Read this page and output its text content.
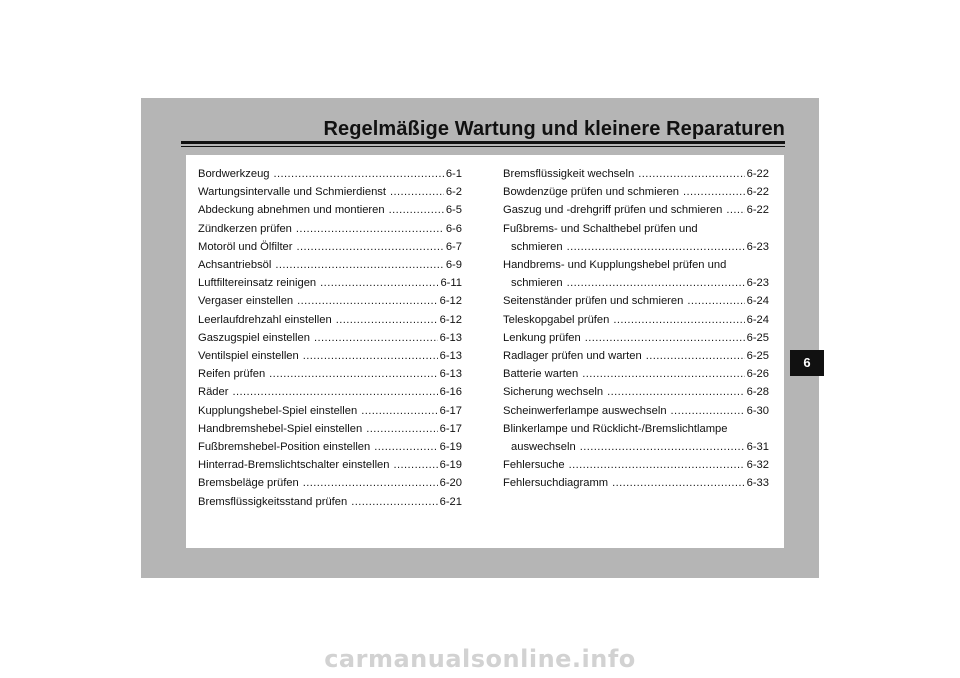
Regelmäßige Wartung und kleinere Reparaturen
Bordwerkzeug .....	6-1
Wartungsintervalle und Schmierdienst .....	6-2
Abdeckung abnehmen und montieren .....	6-5
Zündkerzen prüfen .....	6-6
Motoröl und Ölfilter .....	6-7
Achsantriebsöl .....	6-9
Luftfiltereinsatz reinigen .....	6-11
Vergaser einstellen .....	6-12
Leerlaufdrehzahl einstellen .....	6-12
Gaszugspiel einstellen .....	6-13
Ventilspiel einstellen .....	6-13
Reifen prüfen .....	6-13
Räder .....	6-16
Kupplungshebel-Spiel einstellen .....	6-17
Handbremshebel-Spiel einstellen .....	6-17
Fußbremshebel-Position einstellen .....	6-19
Hinterrad-Bremslichtschalter einstellen .....	6-19
Bremsbeläge prüfen .....	6-20
Bremsflüssigkeitsstand prüfen .....	6-21
Bremsflüssigkeit wechseln .....	6-22
Bowdenzüge prüfen und schmieren .....	6-22
Gaszug und -drehgriff prüfen und schmieren ..... 6-22
Fußbrems- und Schalthebel prüfen und
schmieren .....	6-23
Handbrems- und Kupplungshebel prüfen und
schmieren .....	6-23
Seitenständer prüfen und schmieren .....	6-24
Teleskopgabel prüfen .....	6-24
Lenkung prüfen .....	6-25
Radlager prüfen und warten .....	6-25
Batterie warten .....	6-26
Sicherung wechseln .....	6-28
Scheinwerferlampe auswechseln .....	6-30
Blinkerlampe und Rücklicht-/Bremslichtlampe
auswechseln .....	6-31
Fehlersuche .....	6-32
Fehlersuchdiagramm .....	6-33
6
carmanualsonline.info
